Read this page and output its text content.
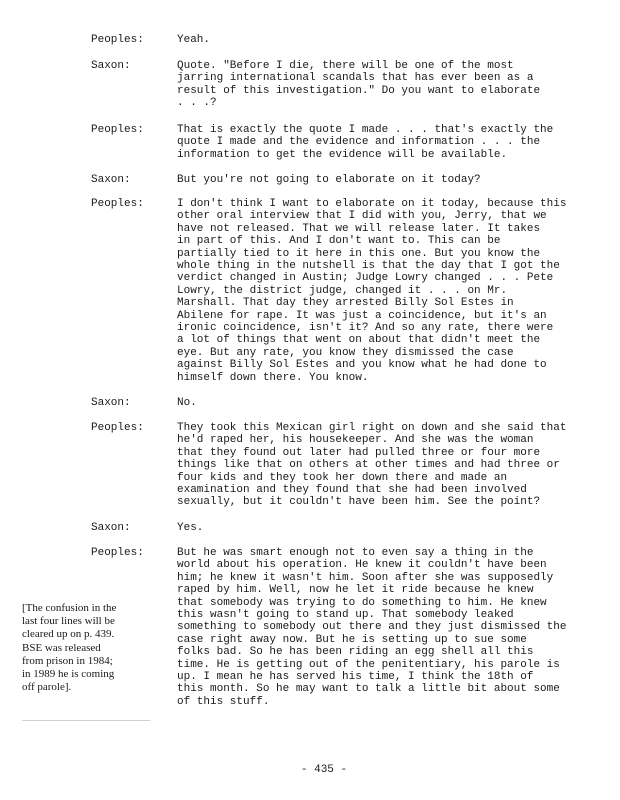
Peoples:	Yeah.
Saxon:	Quote. "Before I die, there will be one of the most
jarring international scandals that has ever been as a
result of this investigation." Do you want to elaborate
. . .?
Peoples:	That is exactly the quote I made . . . that's exactly the
quote I made and the evidence and information . . . the
information to get the evidence will be available.
Saxon:	But you're not going to elaborate on it today?
Peoples:	I don't think I want to elaborate on it today, because this
other oral interview that I did with you, Jerry, that we
have not released. That we will release later. It takes
in part of this. And I don't want to. This can be
partially tied to it here in this one. But you know the
whole thing in the nutshell is that the day that I got the
verdict changed in Austin; Judge Lowry changed . . . Pete
Lowry, the district judge, changed it . . . on Mr.
Marshall. That day they arrested Billy Sol Estes in
Abilene for rape. It was just a coincidence, but it's an
ironic coincidence, isn't it? And so any rate, there were
a lot of things that went on about that didn't meet the
eye. But any rate, you know they dismissed the case
against Billy Sol Estes and you know what he had done to
himself down there. You know.
Saxon:	No.
Peoples:	They took this Mexican girl right on down and she said that
he'd raped her, his housekeeper. And she was the woman
that they found out later had pulled three or four more
things like that on others at other times and had three or
four kids and they took her down there and made an
examination and they found that she had been involved
sexually, but it couldn't have been him. See the point?
Saxon:	Yes.
Peoples:	But he was smart enough not to even say a thing in the
world about his operation. He knew it couldn't have been
him; he knew it wasn't him. Soon after she was supposedly
raped by him. Well, now he let it ride because he knew
that somebody was trying to do something to him. He knew
this wasn't going to stand up. That somebody leaked
something to somebody out there and they just dismissed the
case right away now. But he is setting up to sue some
folks bad. So he has been riding an egg shell all this
time. He is getting out of the penitentiary, his parole is
up. I mean he has served his time, I think the 18th of
this month. So he may want to talk a little bit about some
of this stuff.
[The confusion in the
last four lines will be
cleared up on p. 439.
BSE was released
from prison in 1984;
in 1989 he is coming
off parole].
- 435 -
